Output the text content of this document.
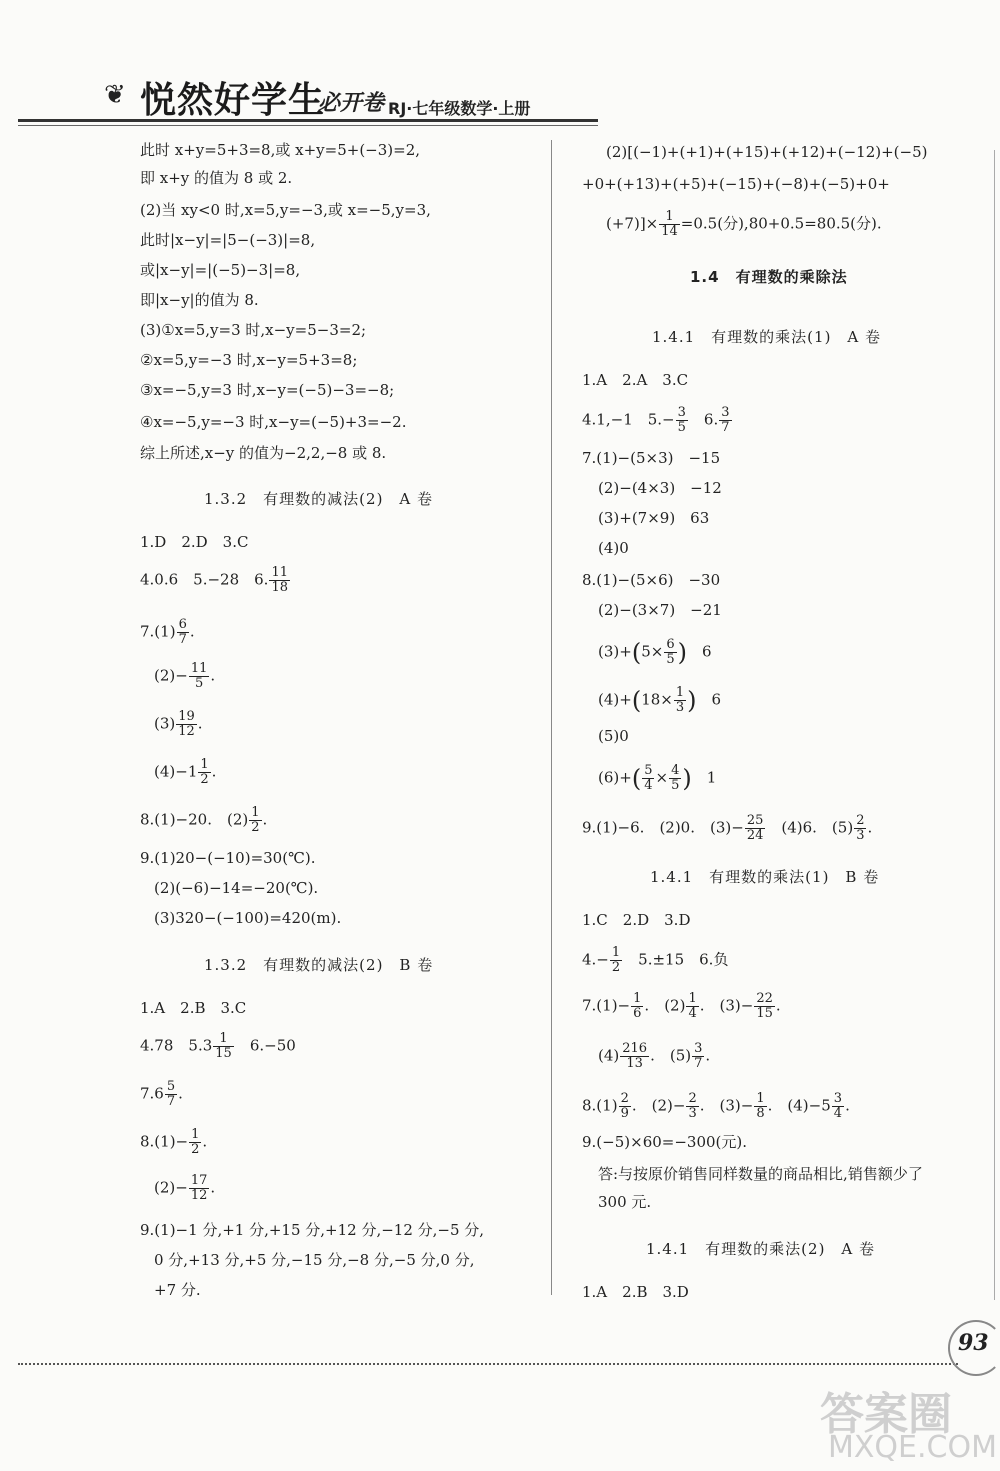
❦ 悦然好学生
必开卷 RJ·七年级数学·上册
此时 x+y=5+3=8,或 x+y=5+(−3)=2,
即 x+y 的值为 8 或 2.
(2)当 xy<0 时,x=5,y=−3,或 x=−5,y=3,
此时|x−y|=|5−(−3)|=8,
或|x−y|=|(−5)−3|=8,
即|x−y|的值为 8.
(3)①x=5,y=3 时,x−y=5−3=2;
②x=5,y=−3 时,x−y=5+3=8;
③x=−5,y=3 时,x−y=(−5)−3=−8;
④x=−5,y=−3 时,x−y=(−5)+3=−2.
综上所述,x−y 的值为−2,2,−8 或 8.
1.3.2　有理数的减法(2)　A 卷
1.D　2.D　3.C
4.0.6　5.−28　6. $\frac{11}{18}$
$7.(1) \frac{6}{7}$ .
$(2)- \frac{11}{5}$ .
$(3) \frac{19}{12}$ .
$(4)-1 \frac{1}{2}$ .
8.(1)−20.　$(2) \frac{1}{2}$ .
9.(1)20−(−10)=30(℃).
(2)(−6)−14=−20(℃).
(3)320−(−100)=420(m).
1.3.2　有理数的减法(2)　B 卷
1.A　2.B　3.C
4.78　$5.3 \frac{1}{15}$ 　6.−50
$7.6 \frac{5}{7}$ .
$8.(1)- \frac{1}{2}$ .
$(2)- \frac{17}{12}$ .
9.(1)−1 分,+1 分,+15 分,+12 分,−12 分,−5 分,
0 分,+13 分,+5 分,−15 分,−8 分,−5 分,0 分,
+7 分.
(2)[(−1)+(+1)+(+15)+(+12)+(−12)+(−5)
+0+(+13)+(+5)+(−15)+(−8)+(−5)+0+
$(+7)]\times \frac{1}{14} =0.5$(分),80+0.5=80.5(分).
1.4　有理数的乘除法
1.4.1　有理数的乘法(1)　A 卷
1.A　2.A　3.C
4.1,−1　$5.- \frac{3}{5}$ 　6. $\frac{3}{7}$
7.(1)−(5×3)　−15
(2)−(4×3)　−12
(3)+(7×9)　63
(4)0
8.(1)−(5×6)　−30
(2)−(3×7)　−21
$(3)+(5\times \frac{6}{5}$ )　 6
$(4)+(18\times \frac{1}{3}$ )　 6
(5)0
$(6)+( \frac{5}{4} \times \frac{4}{5}$ )　 1
9.(1)−6.　(2)0.　$(3)- \frac{25}{24}$ 　(4)6.　$(5) \frac{2}{3}$ .
1.4.1　有理数的乘法(1)　B 卷
1.C　2.D　3.D
$4.- \frac{1}{2}$ 　5.±15　6.负
$7.(1)- \frac{1}{6}$ .　$(2) \frac{1}{4}$ .　$(3)- \frac{22}{15}$ .
$(4) \frac{216}{13}$ .　$(5) \frac{3}{7}$ .
$8.(1) \frac{2}{9}$ .　$(2)- \frac{2}{3}$ .　$(3)- \frac{1}{8}$ .　$(4)-5 \frac{3}{4}$ .
9.(−5)×60=−300(元).
答:与按原价销售同样数量的商品相比,销售额少了
300 元.
1.4.1　有理数的乘法(2)　A 卷
1.A　2.B　3.D
93
答案圈
MXQE.COM
